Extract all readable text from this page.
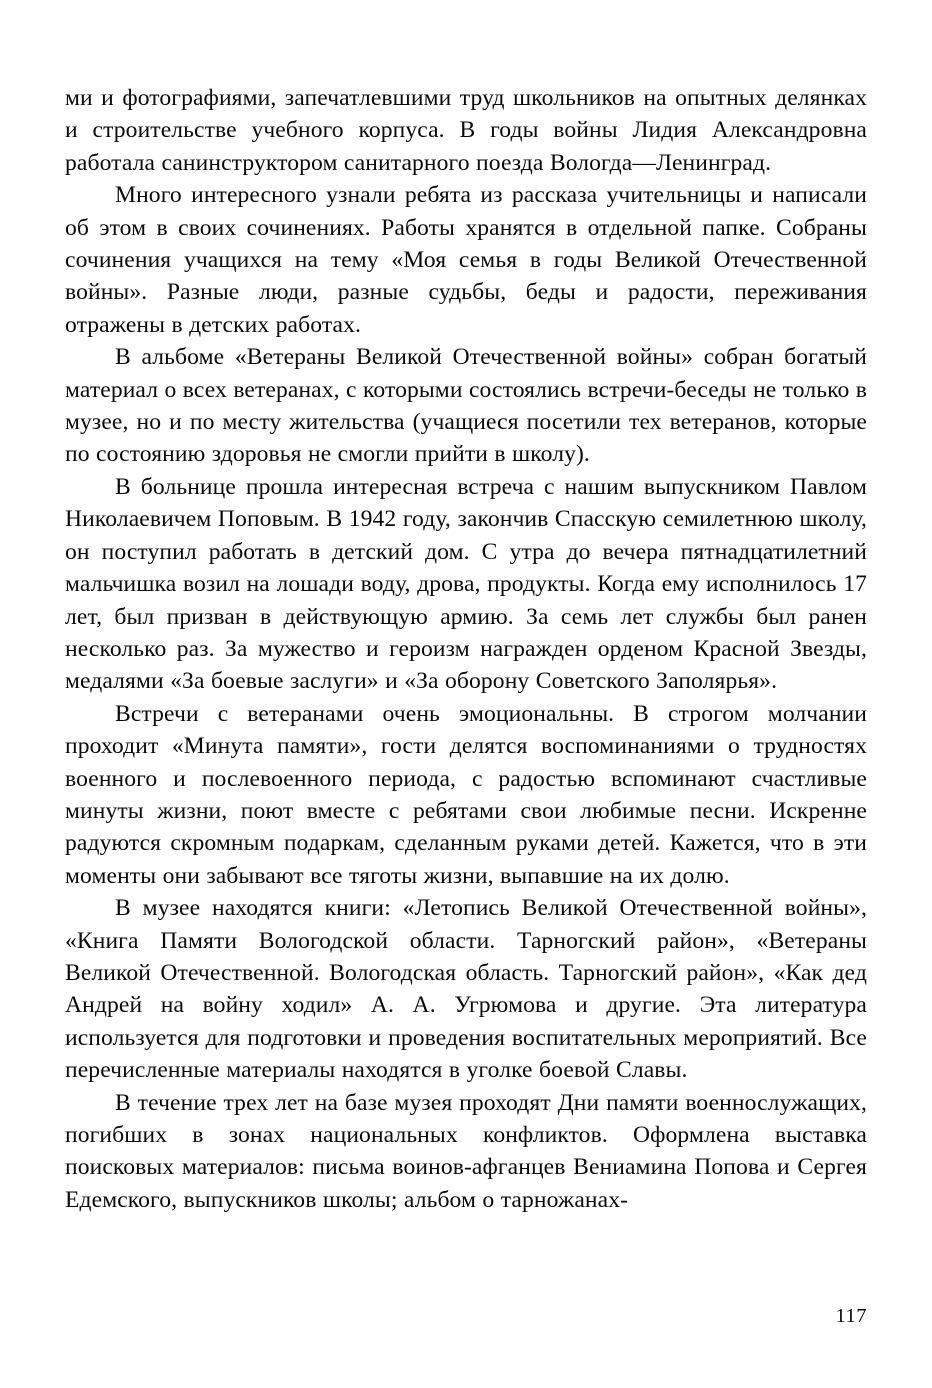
ми и фотографиями, запечатлевшими труд школьников на опытных делянках и строительстве учебного корпуса. В годы войны Лидия Александровна работала санинструктором санитарного поезда Вологда—Ленинград.

Много интересного узнали ребята из рассказа учительницы и написали об этом в своих сочинениях. Работы хранятся в отдельной папке. Собраны сочинения учащихся на тему «Моя семья в годы Великой Отечественной войны». Разные люди, разные судьбы, беды и радости, переживания отражены в детских работах.

В альбоме «Ветераны Великой Отечественной войны» собран богатый материал о всех ветеранах, с которыми состоялись встречи-беседы не только в музее, но и по месту жительства (учащиеся посетили тех ветеранов, которые по состоянию здоровья не смогли прийти в школу).

В больнице прошла интересная встреча с нашим выпускником Павлом Николаевичем Поповым. В 1942 году, закончив Спасскую семилетнюю школу, он поступил работать в детский дом. С утра до вечера пятнадцатилетний мальчишка возил на лошади воду, дрова, продукты. Когда ему исполнилось 17 лет, был призван в действующую армию. За семь лет службы был ранен несколько раз. За мужество и героизм награжден орденом Красной Звезды, медалями «За боевые заслуги» и «За оборону Советского Заполярья».

Встречи с ветеранами очень эмоциональны. В строгом молчании проходит «Минута памяти», гости делятся воспоминаниями о трудностях военного и послевоенного периода, с радостью вспоминают счастливые минуты жизни, поют вместе с ребятами свои любимые песни. Искренне радуются скромным подаркам, сделанным руками детей. Кажется, что в эти моменты они забывают все тяготы жизни, выпавшие на их долю.

В музее находятся книги: «Летопись Великой Отечественной войны», «Книга Памяти Вологодской области. Тарногский район», «Ветераны Великой Отечественной. Вологодская область. Тарногский район», «Как дед Андрей на войну ходил» А. А. Угрюмова и другие. Эта литература используется для подготовки и проведения воспитательных мероприятий. Все перечисленные материалы находятся в уголке боевой Славы.

В течение трех лет на базе музея проходят Дни памяти военнослужащих, погибших в зонах национальных конфликтов. Оформлена выставка поисковых материалов: письма воинов-афганцев Вениамина Попова и Сергея Едемского, выпускников школы; альбом о тарножанах-

117
